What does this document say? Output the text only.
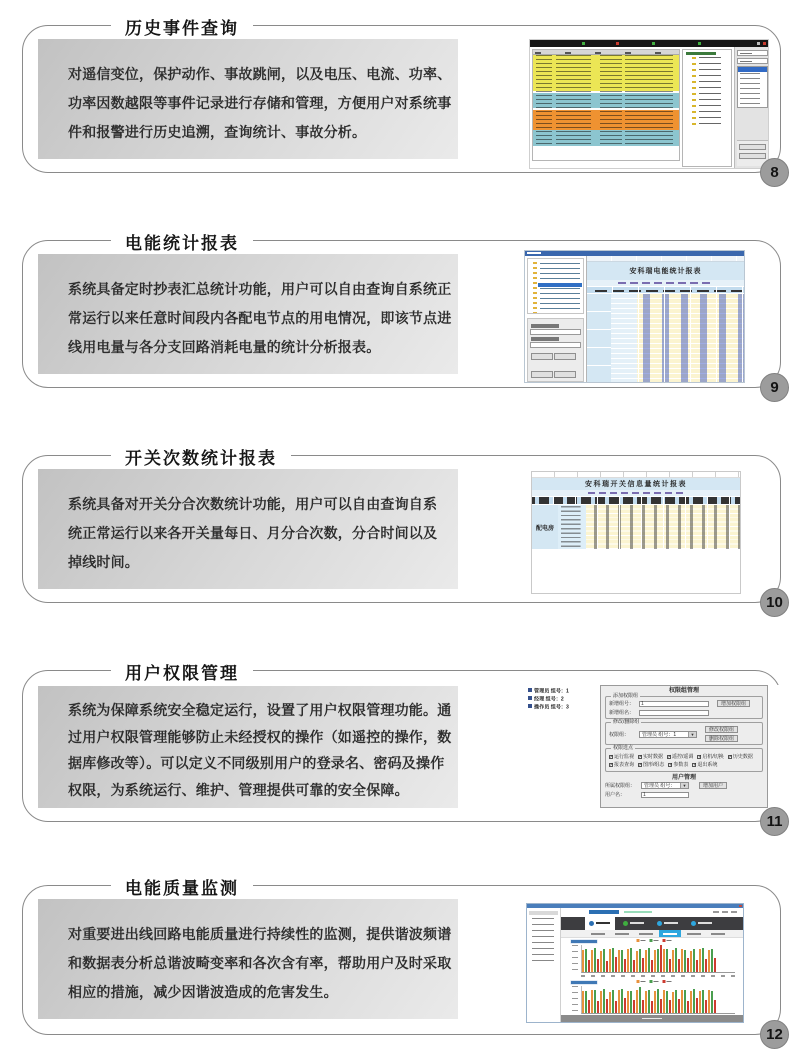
历史事件查询
对遥信变位，保护动作、事故跳闸，以及电压、电流、功率、
功率因数越限等事件记录进行存储和管理，方便用户对系统事
件和报警进行历史追溯，查询统计、事故分析。
8
电能统计报表
系统具备定时抄表汇总统计功能，用户可以自由查询自系统正
常运行以来任意时间段内各配电节点的用电情况，即该节点进
线用电量与各分支回路消耗电量的统计分析报表。

安科瑞电能统计报表
9
开关次数统计报表
系统具备对开关分合次数统计功能，用户可以自由查询自系
统正常运行以来各开关量每日、月分合次数，分合时间以及
掉线时间。
安科瑞开关信息量统计报表
配电房
10
用户权限管理
系统为保障系统安全稳定运行，设置了用户权限管理功能。通
过用户权限管理能够防止未经授权的操作（如遥控的操作，数
据库修改等）。可以定义不同级别用户的登录名、密码及操作
权限，为系统运行、维护、管理提供可靠的安全保障。
管理员 组号：1
经理 组号：2
操作员 组号：3
权限组管理
添加权限组
新增组号：	1	增加权限组
新增组名：
修改/删除组
权限组：	管理员 组号：1 ▼
修改权限组
删除权限组
权限选点
✓
运行监视 ✓ 实时数据 ✓ 遥控/遥调 ✓ 启机/切换 ✓ 历史数据
✓
报表查询 ✓ 图形/组态 ✓ 参数表 ✓ 退出系统
用户管理
所属权限组：	管理员 组号： ▼	增加用户
用户名：	1
11
电能质量监测
对重要进出线回路电能质量进行持续性的监测，提供谐波频谱
和数据表分析总谐波畸变率和各次含有率，帮助用户及时采取
相应的措施，减少因谐波造成的危害发生。
12
